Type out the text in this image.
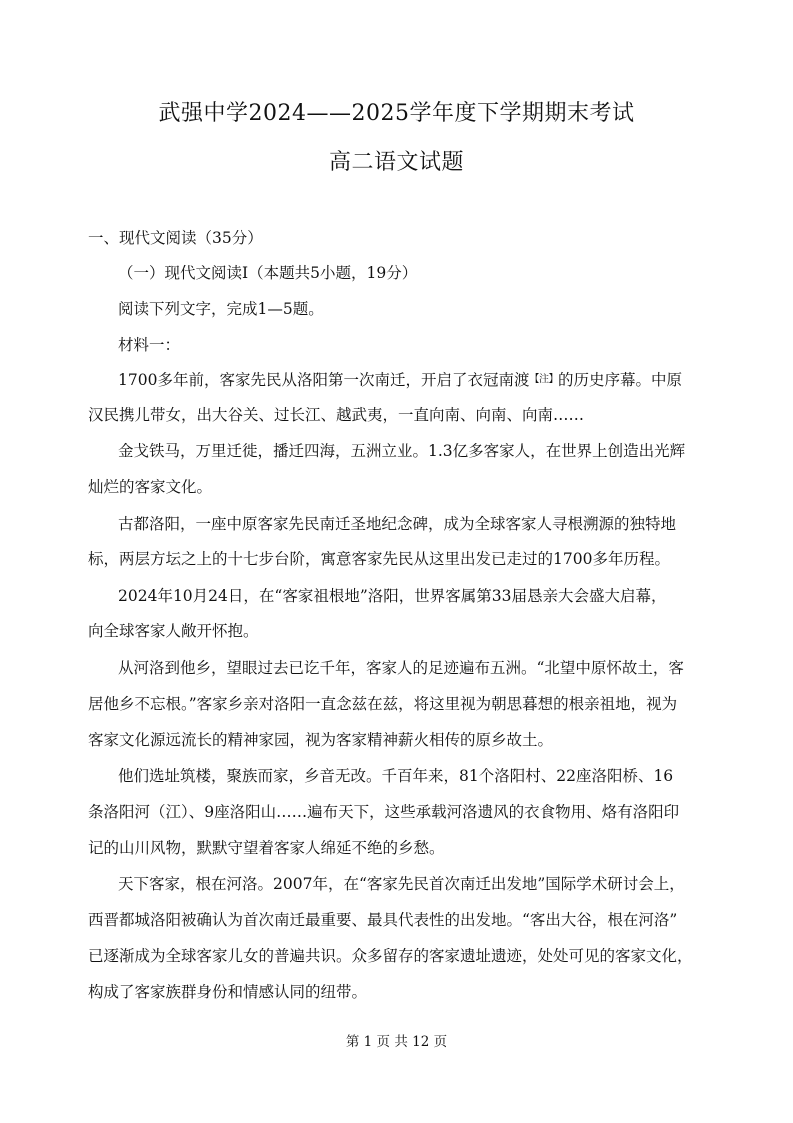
武强中学2024——2025学年度下学期期末考试
高二语文试题
一、现代文阅读（35分）
（一）现代文阅读Ⅰ（本题共5小题，19分）
阅读下列文字，完成1—5题。
材料一：
1700多年前，客家先民从洛阳第一次南迁，开启了衣冠南渡【注】的历史序幕。中原
汉民携儿带女，出大谷关、过长江、越武夷，一直向南、向南、向南……
金戈铁马，万里迁徙，播迁四海，五洲立业。1.3亿多客家人，在世界上创造出光辉
灿烂的客家文化。
古都洛阳，一座中原客家先民南迁圣地纪念碑，成为全球客家人寻根溯源的独特地
标，两层方坛之上的十七步台阶，寓意客家先民从这里出发已走过的1700多年历程。
2024年10月24日，在“客家祖根地”洛阳，世界客属第33届恳亲大会盛大启幕，
向全球客家人敞开怀抱。
从河洛到他乡，望眼过去已讫千年，客家人的足迹遍布五洲。“北望中原怀故土，客
居他乡不忘根。”客家乡亲对洛阳一直念兹在兹，将这里视为朝思暮想的根亲祖地，视为
客家文化源远流长的精神家园，视为客家精神薪火相传的原乡故土。
他们选址筑楼，聚族而家，乡音无改。千百年来，81个洛阳村、22座洛阳桥、16
条洛阳河（江）、9座洛阳山……遍布天下，这些承载河洛遗风的衣食物用、烙有洛阳印
记的山川风物，默默守望着客家人绵延不绝的乡愁。
天下客家，根在河洛。2007年，在“客家先民首次南迁出发地”国际学术研讨会上，
西晋都城洛阳被确认为首次南迁最重要、最具代表性的出发地。“客出大谷，根在河洛”
已逐渐成为全球客家儿女的普遍共识。众多留存的客家遗址遗迹，处处可见的客家文化，
构成了客家族群身份和情感认同的纽带。
第 1 页 共 12 页
